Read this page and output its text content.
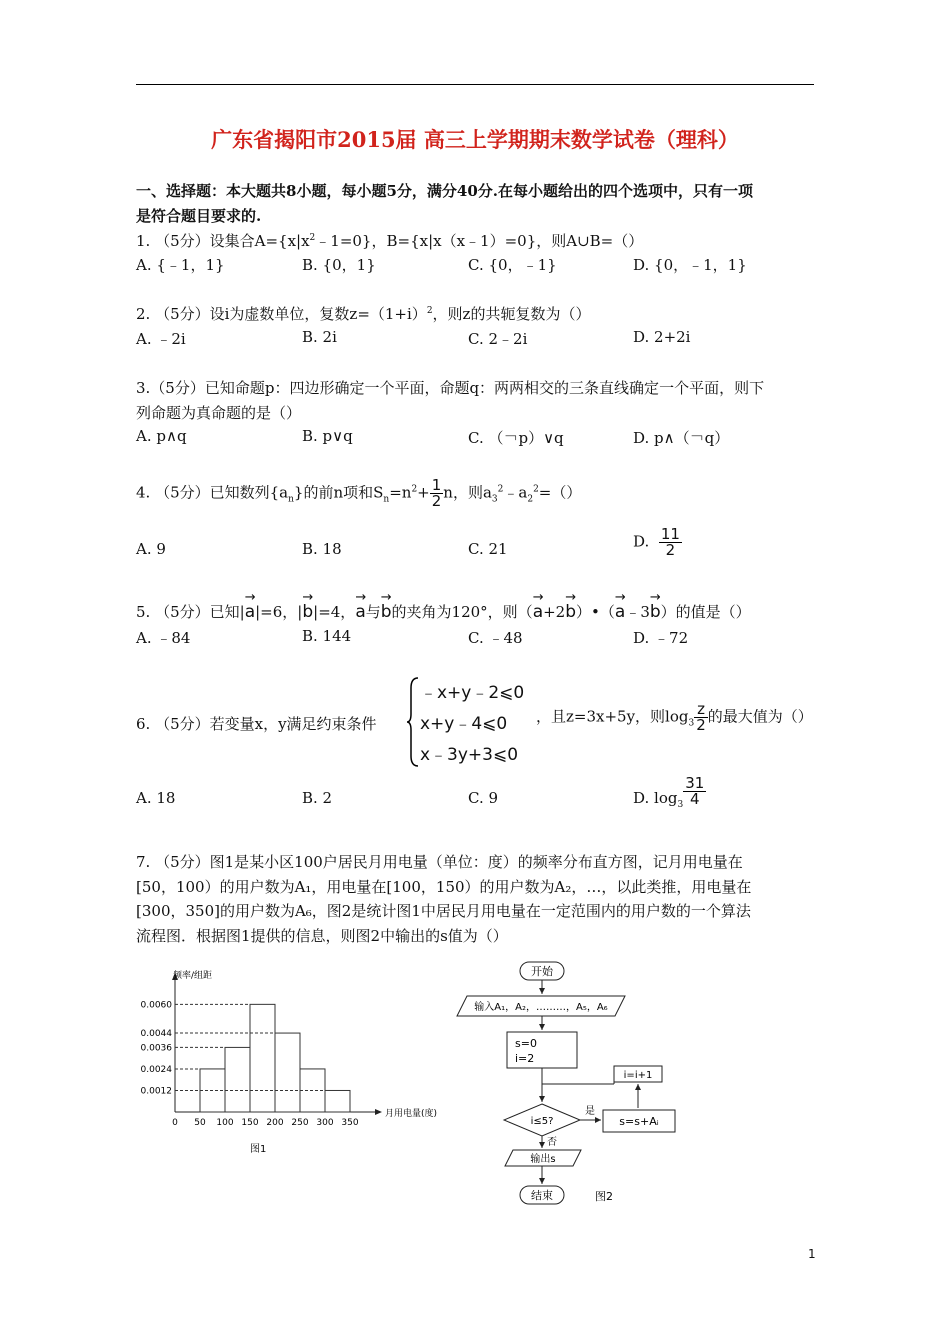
广东省揭阳市2015届 高三上学期期末数学试卷（理科）
一、选择题：本大题共8小题，每小题5分，满分40分.在每小题给出的四个选项中，只有一项
是符合题目要求的.
1. （5分）设集合$A=\{x|x^2﹣1=0\}$，B={x|x（x﹣1）=0}，则A∪B=（）
A. {﹣1，1}	B. {0，1}	C. {0，﹣1}	D. {0，﹣1，1}
2. （5分）设i为虚数单位，复数$z=(1+i)^2$，则z的共轭复数为（）
A. ﹣2i	B. 2i	C. 2﹣2i	D. 2+2i
3.（5分）已知命题p：四边形确定一个平面，命题q：两两相交的三条直线确定一个平面，则下
列命题为真命题的是（）
A. p∧q	B. p∨q	C. （￢p）∨q	D. p∧（￢q）
4. （5分）已知数列$\{a_n\}$的前n项和$S_n=n^2+ \frac{1}{2}$ n，则$a_3^2﹣a_2^2=()$
A. 9	B. 18	C. 21	D. $\frac{11}{2}$
5. （5分）已知|→ a|=6，|→ b|=4，→ a与→ b的夹角为120°，则（→ a+2→ b）•（→ a﹣3→ b）的值是（）
A. ﹣84	B. 144	C. ﹣48	D. ﹣72
6. （5分）若变量x，y满足约束条件
﹣x+y﹣2⩽0
x+y﹣4⩽0
x﹣3y+3⩽0
，且z=3x+5y，则$\log_3 \frac{z}{2}$ 的最大值为（）
A. 18	B. 2	C. 9	D. $\log_3 \frac{31}{4}$
7. （5分）图1是某小区100户居民月用电量（单位：度）的频率分布直方图，记月用电量在
[50，100）的用户数为A₁，用电量在[100，150）的用户数为A₂，…，以此类推，用电量在
[300，350]的用户数为A₆，图2是统计图1中居民月用电量在一定范围内的用户数的一个算法
流程图．根据图1提供的信息，则图2中输出的s值为（）
0.0060
0.0044
0.0036
0.0024
0.0012
0 50 100 150 200 250 300 350
月用电量(度)
频率/组距
图1
开始
输入A₁，A₂，………，A₅，A₆
s=0
i=2
i=i+1
i≤5?
是
s=s+Aᵢ
否
输出s
结束	图2
1
